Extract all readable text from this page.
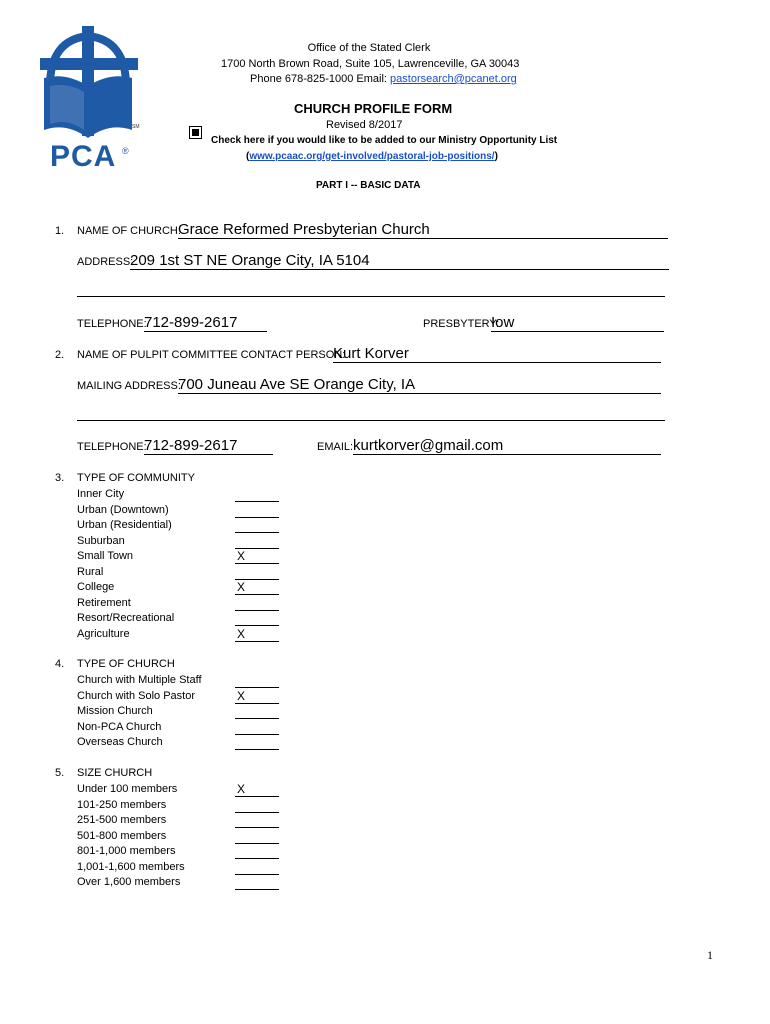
PCA
SM
®
Office of the Stated Clerk
1700 North Brown Road, Suite 105, Lawrenceville, GA 30043
Phone 678-825-1000 Email: pastorsearch@pcanet.org
CHURCH PROFILE FORM
Revised 8/2017
Check here if you would like to be added to our Ministry Opportunity List
(www.pcaac.org/get-involved/pastoral-job-positions/)
PART I -- BASIC DATA
1. NAME OF CHURCH:
Grace Reformed Presbyterian Church
ADDRESS:
209 1st ST NE Orange City, IA 5104
TELEPHONE:
712-899-2617	PRESBYTERY:
Iow
2. NAME OF PULPIT COMMITTEE CONTACT PERSON:
Kurt Korver
MAILING ADDRESS:
700 Juneau Ave SE Orange City, IA
TELEPHONE:
712-899-2617	EMAIL: kurtkorver@gmail.com
3. TYPE OF COMMUNITY
Inner City
Urban (Downtown)
Urban (Residential)
Suburban
Small Town	X
Rural
College	X
Retirement
Resort/Recreational
Agriculture	X
4. TYPE OF CHURCH
Church with Multiple Staff
Church with Solo Pastor	X
Mission Church
Non-PCA Church
Overseas Church
5. SIZE CHURCH
Under 100 members	X
101-250 members
251-500 members
501-800 members
801-1,000 members
1,001-1,600 members
Over 1,600 members
1
